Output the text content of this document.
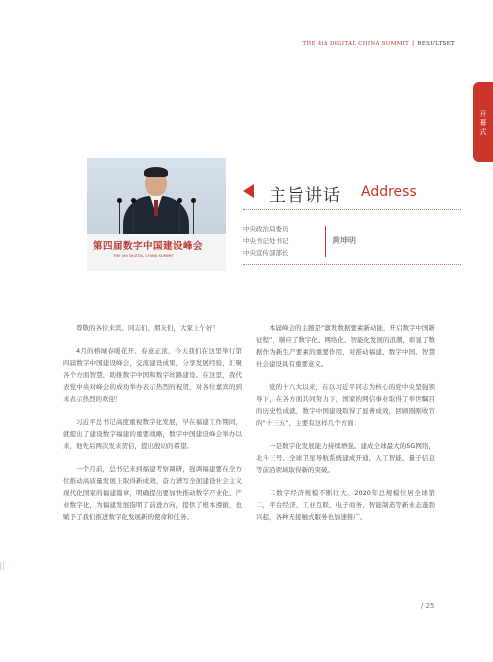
THE 4th DIGITAL CHINA SUMMIT | RESULTSET
开幕式
第四届数字中国建设峰会
THE 4th DIGITAL CHINA SUMMIT
主旨讲话 Address
中央政治局委员
中央书记处书记
中央宣传部部长
黄坤明

尊敬的各位来宾、同志们、朋友们，大家上午好！

4月的榕城春暖花开、春意正浓，今天我们在这里举行第四届数字中国建设峰会，交流建设成果，分享发展经验，汇聚各个方面智慧，助推数字中国和数字丝路建设。在这里，我代表党中央对峰会的成功举办表示热烈的祝贺，对各位嘉宾的到来表示热烈的欢迎！

习近平总书记高度重视数字化发展，早在福建工作期间，就提出了建设数字福建的重要战略，数字中国建设峰会举办以来，他先后两次发来贺信，提出殷切的希望。

一个月前，总书记来到福建考察调研，强调福建要在全方位推动高质量发展上取得新成效，奋力谱写全面建设社会主义现代化国家的福建篇章，明确提出要加快推动数字产业化、产业数字化，为福建发展指明了前进方向，提供了根本遵循，也赋予了我们推进数字化发展新的使命和任务。

本届峰会的主题是“激发数据要素新动能，开启数字中国新征程”，顺应了数字化、网络化、智能化发展的浪潮，彰显了数据作为新生产要素的重要作用，对推动福建、数字中国、智慧社会建设具有重要意义。

党的十八大以来，在以习近平同志为核心的党中央坚强领导下，在各方面共同努力下，国家的网信事业取得了举世瞩目的历史性成就，数字中国建设取得了显著成效，回顾刚刚收官的“十三五”，主要有这样几个方面：

一是数字化发展能力持续增强。建成全球最大的5G网络，北斗三号、全球卫星导航系统建成开通，人工智能、量子信息等前沿领域取得新的突破。

二数字经济规模不断壮大。2020年总规模位居全球第二，平台经济、工业互联、电子商务、智能制造等新业态蓬勃兴起，各种无接触式服务也加速推广。

/ 25
